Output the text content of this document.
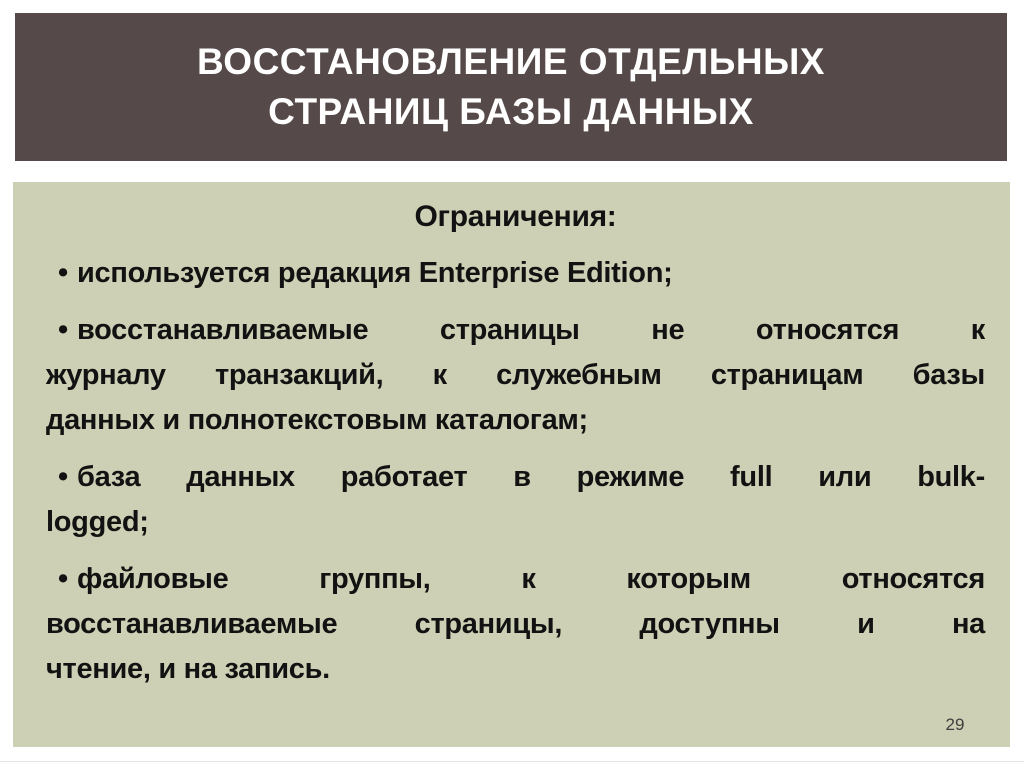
ВОССТАНОВЛЕНИЕ ОТДЕЛЬНЫХ
СТРАНИЦ БАЗЫ ДАННЫХ
Ограничения:
• используется редакция Enterprise Edition;
• восстанавливаемые страницы не относятся к
журналу транзакций, к служебным страницам базы
данных и полнотекстовым каталогам;
• база данных работает в режиме full или bulk-
logged;
• файловые группы, к которым относятся
восстанавливаемые страницы, доступны и на
чтение, и на запись.
29
